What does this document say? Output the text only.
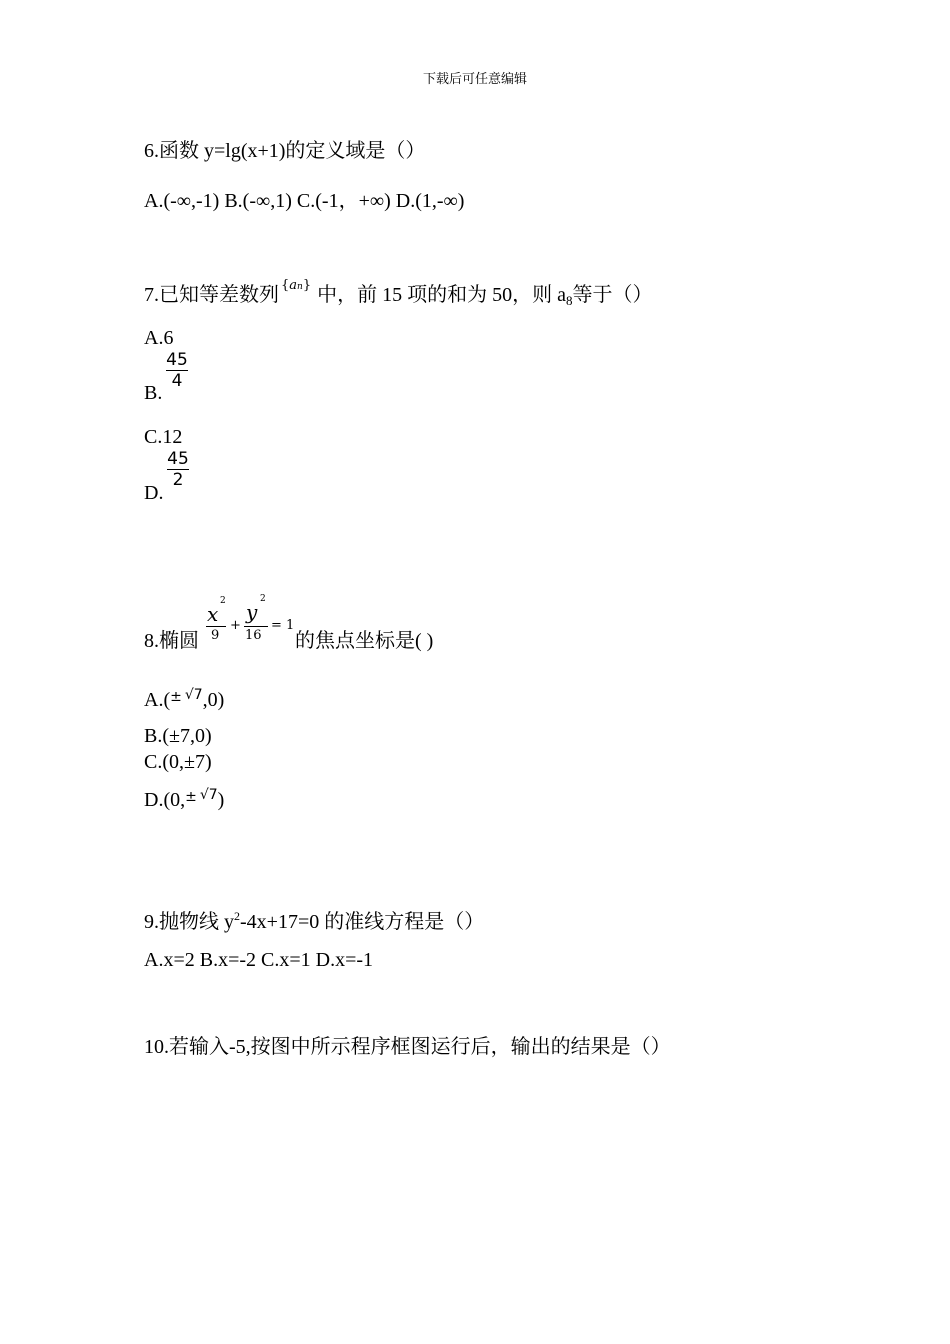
下载后可任意编辑
6.函数 y=lg(x+1)的定义域是（）
A.(-∞,-1) B.(-∞,1) C.(-1，+∞) D.(1,-∞)
7.已知等差数列 {an} 中，前 15 项的和为 50，则 $a_8$等于（）
A.6
B.
45
4
C.12
D.
45
2
8.椭圆
x
2
9
+
y
2
16
= 1
的焦点坐标是( )
A.(± $^{√7}$,0)
B.(±7,0)
C.(0,±7)
D.(0,± $^{√7}$)
9.抛物线 $y^2-4x+17=0$ 的准线方程是（）
A.x=2 B.x=-2 C.x=1 D.x=-1
10.若输入-5,按图中所示程序框图运行后，输出的结果是（）
